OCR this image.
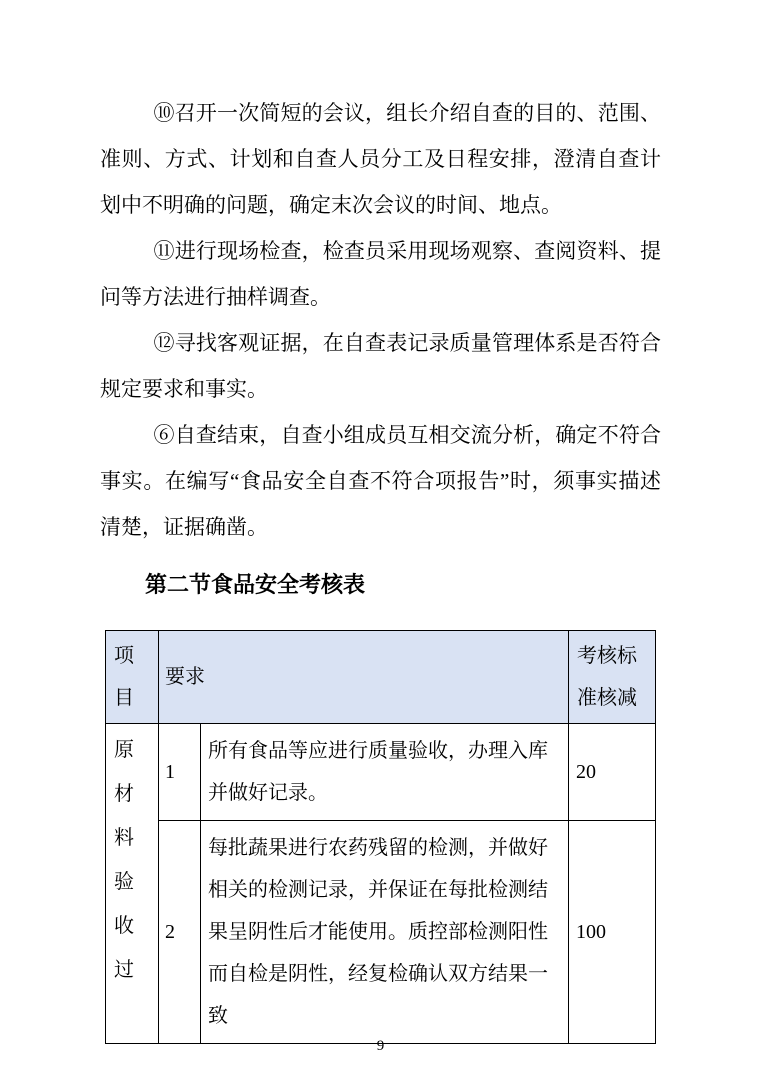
⑩召开一次简短的会议，组长介绍自查的目的、范围、准则、方式、计划和自查人员分工及日程安排，澄清自查计划中不明确的问题，确定末次会议的时间、地点。

⑪进行现场检查，检查员采用现场观察、查阅资料、提问等方法进行抽样调查。

⑫寻找客观证据，在自查表记录质量管理体系是否符合规定要求和事实。

⑥自查结束，自查小组成员互相交流分析，确定不符合事实。在编写“食品安全自查不符合项报告”时，须事实描述清楚，证据确凿。

第二节食品安全考核表
项目	要求		考核标准核减
原材料验收过	1	所有食品等应进行质量验收，办理入库并做好记录。	20
	2	每批蔬果进行农药残留的检测，并做好相关的检测记录，并保证在每批检测结果呈阴性后才能使用。质控部检测阳性而自检是阴性，经复检确认双方结果一致	100
9
